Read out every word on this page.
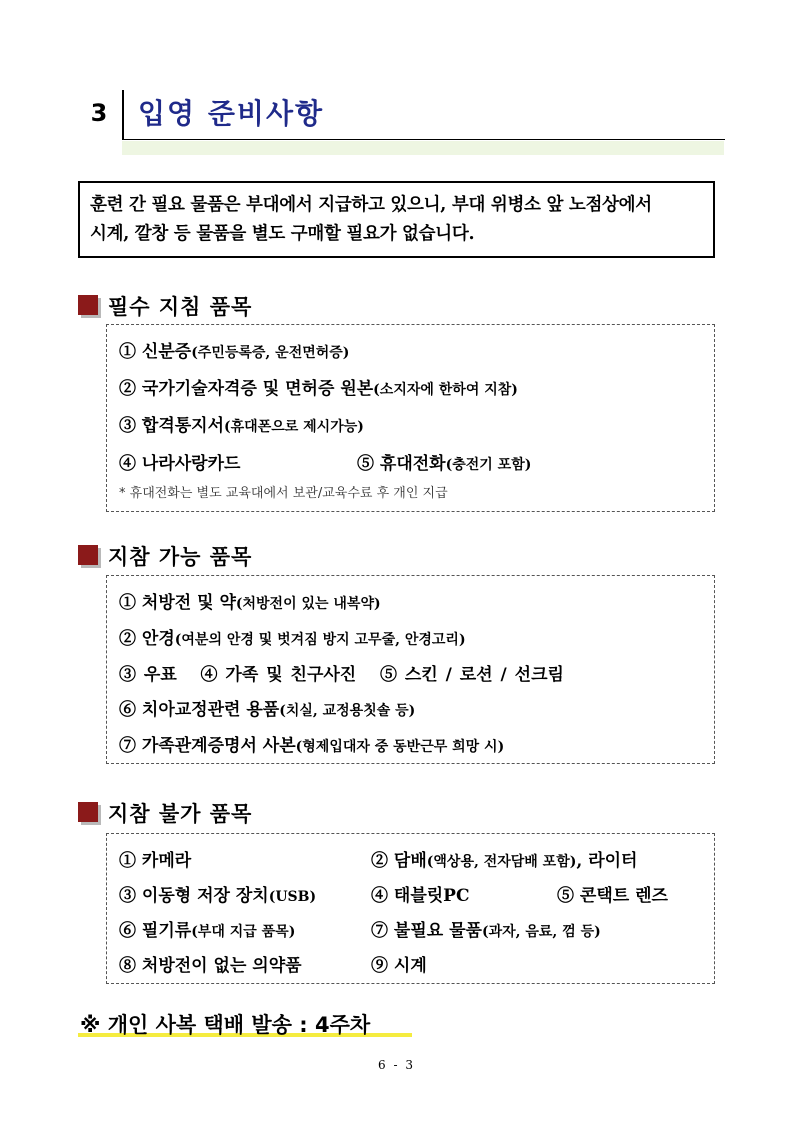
3	입영 준비사항

훈련 간 필요 물품은 부대에서 지급하고 있으니, 부대 위병소 앞 노점상에서

시계, 깔창 등 물품을 별도 구매할 필요가 없습니다.

필수 지침 품목
① 신분증(주민등록증, 운전면허증)
② 국가기술자격증 및 면허증 원본(소지자에 한하여 지참)
③ 합격통지서(휴대폰으로 제시가능)
④ 나라사랑카드	⑤ 휴대전화(충전기 포함)
* 휴대전화는 별도 교육대에서 보관/교육수료 후 개인 지급
지참 가능 품목
① 처방전 및 약(처방전이 있는 내복약)
② 안경(여분의 안경 및 벗겨짐 방지 고무줄, 안경고리)
③ 우표   ④ 가족 및 친구사진   ⑤ 스킨 / 로션 / 선크림
⑥ 치아교정관련 용품(치실, 교정용칫솔 등)
⑦ 가족관계증명서 사본(형제입대자 중 동반근무 희망 시)
지참 불가 품목
① 카메라	② 담배(액상용, 전자담배 포함), 라이터
③ 이동형 저장 장치(USB)	④ 태블릿PC	⑤ 콘택트 렌즈
⑥ 필기류(부대 지급 품목)	⑦ 불필요 물품(과자, 음료, 껌 등)
⑧ 처방전이 없는 의약품	⑨ 시계
※ 개인 사복 택배 발송 : 4주차
6 - 3
